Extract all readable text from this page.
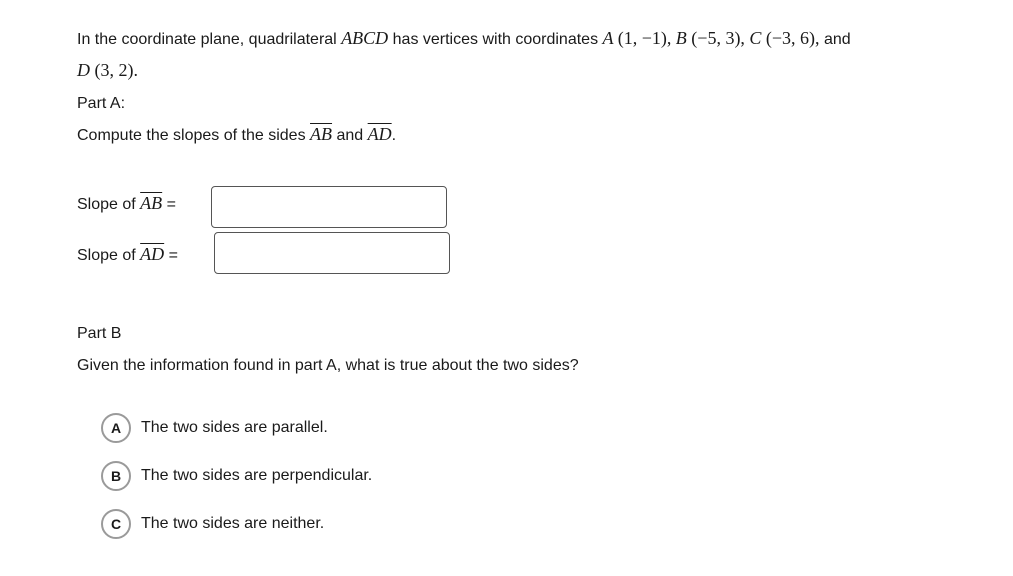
In the coordinate plane, quadrilateral ABCD has vertices with coordinates A (1, −1), B (−5, 3), C (−3, 6), and
D (3, 2).
Part A:
Compute the slopes of the sides $\overline{AB}$ and $\overline{AD}$.
Slope of $\overline{AB}$ =
Slope of $\overline{AD}$ =
Part B
Given the information found in part A, what is true about the two sides?
A	The two sides are parallel.
B	The two sides are perpendicular.
C	The two sides are neither.
